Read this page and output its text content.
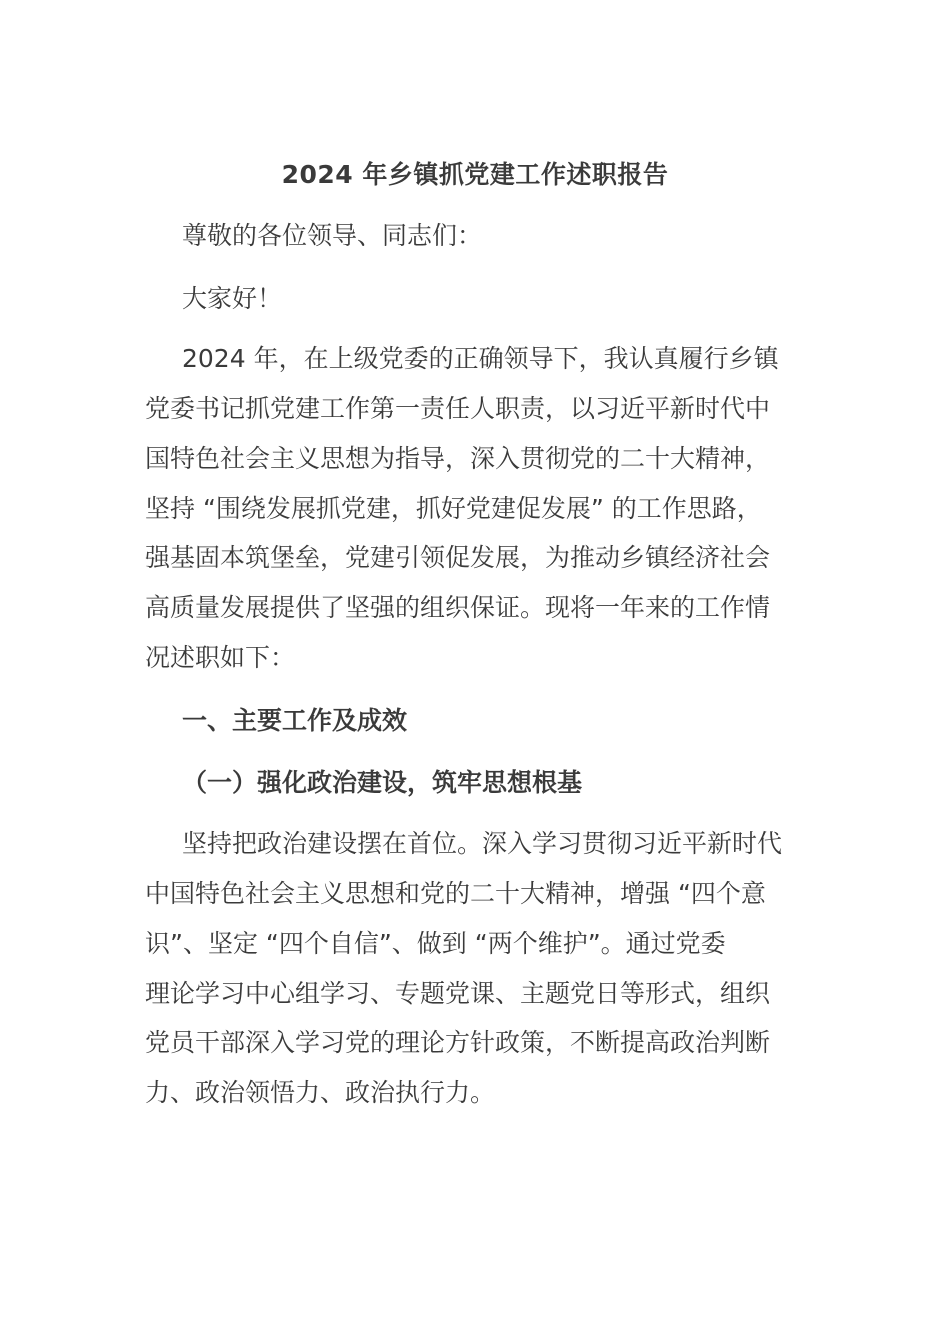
2024 年乡镇抓党建工作述职报告
尊敬的各位领导、同志们：
大家好！
2024 年，在上级党委的正确领导下，我认真履行乡镇
党委书记抓党建工作第一责任人职责，以习近平新时代中
国特色社会主义思想为指导，深入贯彻党的二十大精神，
坚持 “围绕发展抓党建，抓好党建促发展” 的工作思路，
强基固本筑堡垒，党建引领促发展，为推动乡镇经济社会
高质量发展提供了坚强的组织保证。现将一年来的工作情
况述职如下：
一、主要工作及成效
（一）强化政治建设，筑牢思想根基
坚持把政治建设摆在首位。深入学习贯彻习近平新时代
中国特色社会主义思想和党的二十大精神，增强 “四个意
识”、坚定 “四个自信”、做到 “两个维护”。通过党委
理论学习中心组学习、专题党课、主题党日等形式，组织
党员干部深入学习党的理论方针政策，不断提高政治判断
力、政治领悟力、政治执行力。
